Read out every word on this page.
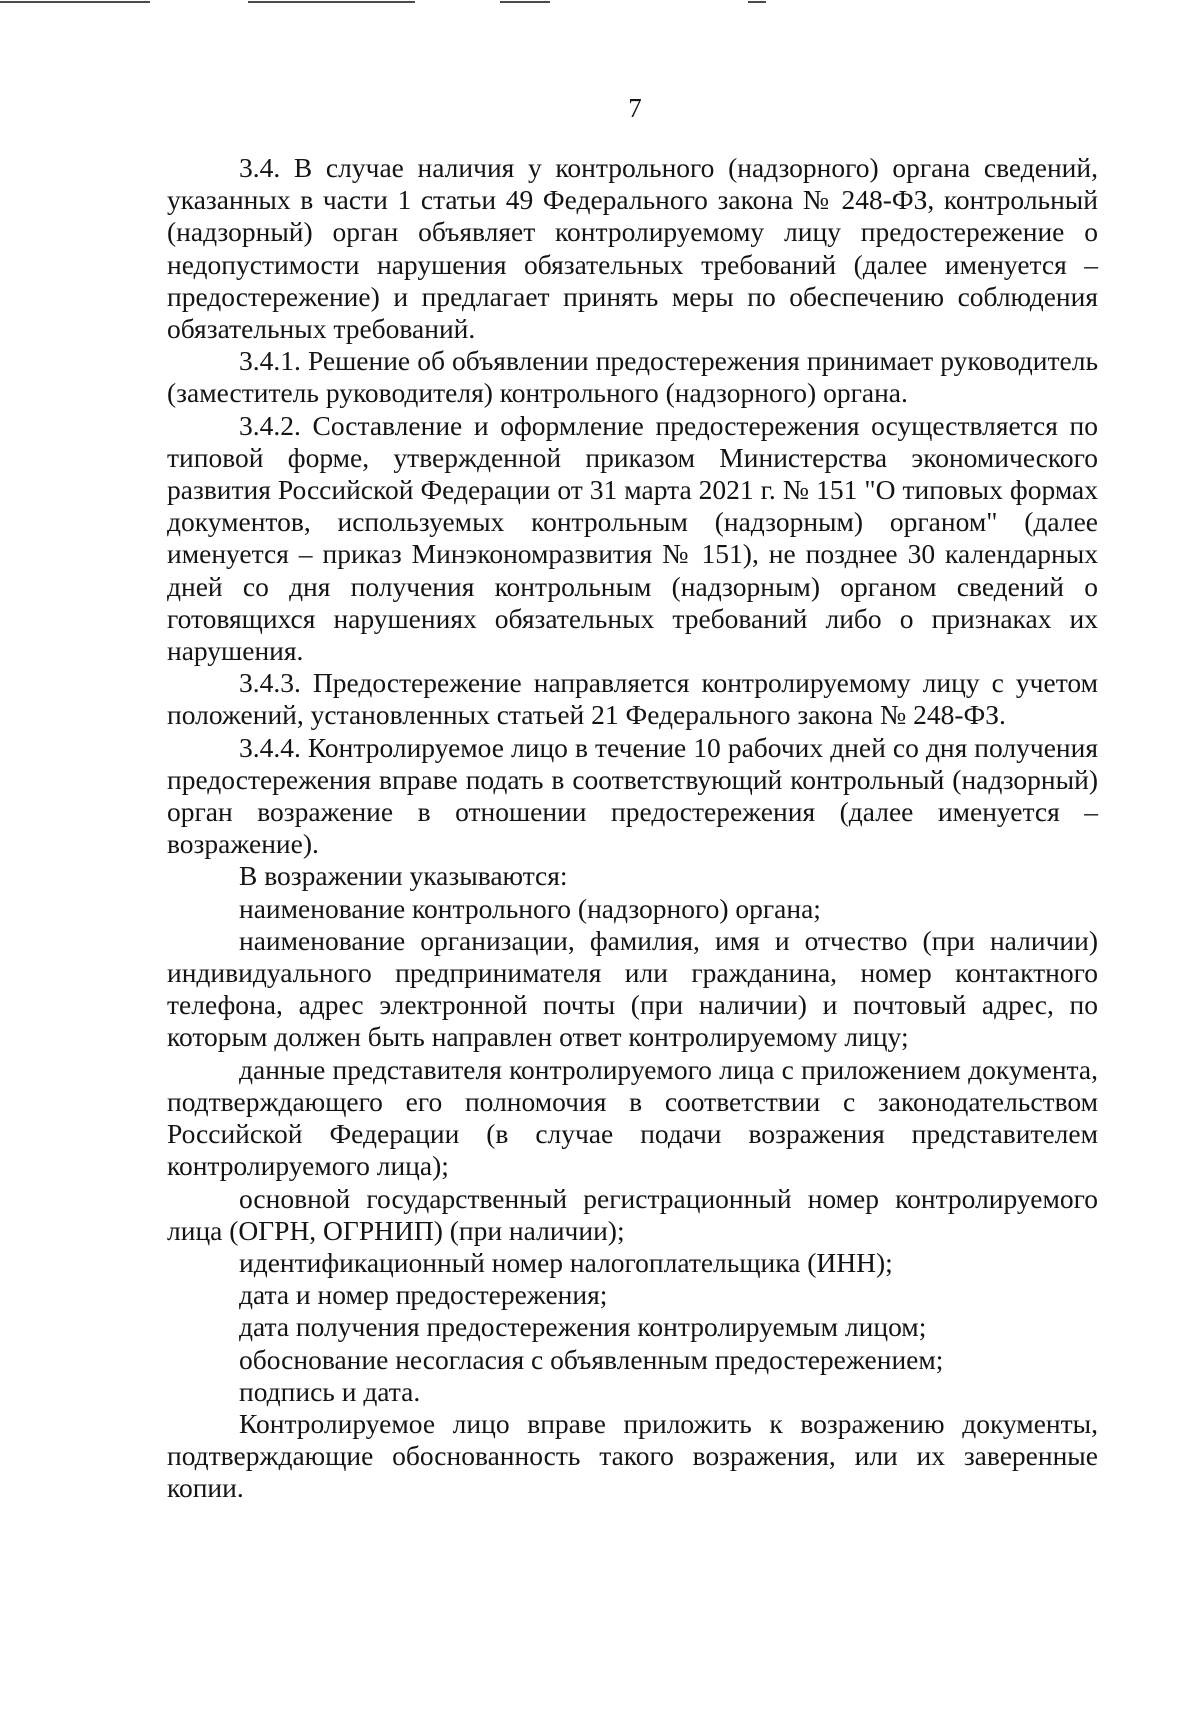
7

3.4. В случае наличия у контрольного (надзорного) органа сведений, указанных в части 1 статьи 49 Федерального закона № 248-ФЗ, контрольный (надзорный) орган объявляет контролируемому лицу предостережение о недопустимости нарушения обязательных требований (далее именуется – предостережение) и предлагает принять меры по обеспечению соблюдения обязательных требований.

3.4.1. Решение об объявлении предостережения принимает руководитель (заместитель руководителя) контрольного (надзорного) органа.

3.4.2. Составление и оформление предостережения осуществляется по типовой форме, утвержденной приказом Министерства экономического развития Российской Федерации от 31 марта 2021 г. № 151 "О типовых формах документов, используемых контрольным (надзорным) органом" (далее именуется – приказ Минэкономразвития № 151), не позднее 30 календарных дней со дня получения контрольным (надзорным) органом сведений о готовящихся нарушениях обязательных требований либо о признаках их нарушения.

3.4.3. Предостережение направляется контролируемому лицу с учетом положений, установленных статьей 21 Федерального закона № 248-ФЗ.

3.4.4. Контролируемое лицо в течение 10 рабочих дней со дня получения предостережения вправе подать в соответствующий контрольный (надзорный) орган возражение в отношении предостережения (далее именуется – возражение).

В возражении указываются:

наименование контрольного (надзорного) органа;

наименование организации, фамилия, имя и отчество (при наличии) индивидуального предпринимателя или гражданина, номер контактного телефона, адрес электронной почты (при наличии) и почтовый адрес, по которым должен быть направлен ответ контролируемому лицу;

данные представителя контролируемого лица с приложением документа, подтверждающего его полномочия в соответствии с законодательством Российской Федерации (в случае подачи возражения представителем контролируемого лица);

основной государственный регистрационный номер контролируемого лица (ОГРН, ОГРНИП) (при наличии);

идентификационный номер налогоплательщика (ИНН);

дата и номер предостережения;

дата получения предостережения контролируемым лицом;

обоснование несогласия с объявленным предостережением;

подпись и дата.

Контролируемое лицо вправе приложить к возражению документы, подтверждающие обоснованность такого возражения, или их заверенные копии.
